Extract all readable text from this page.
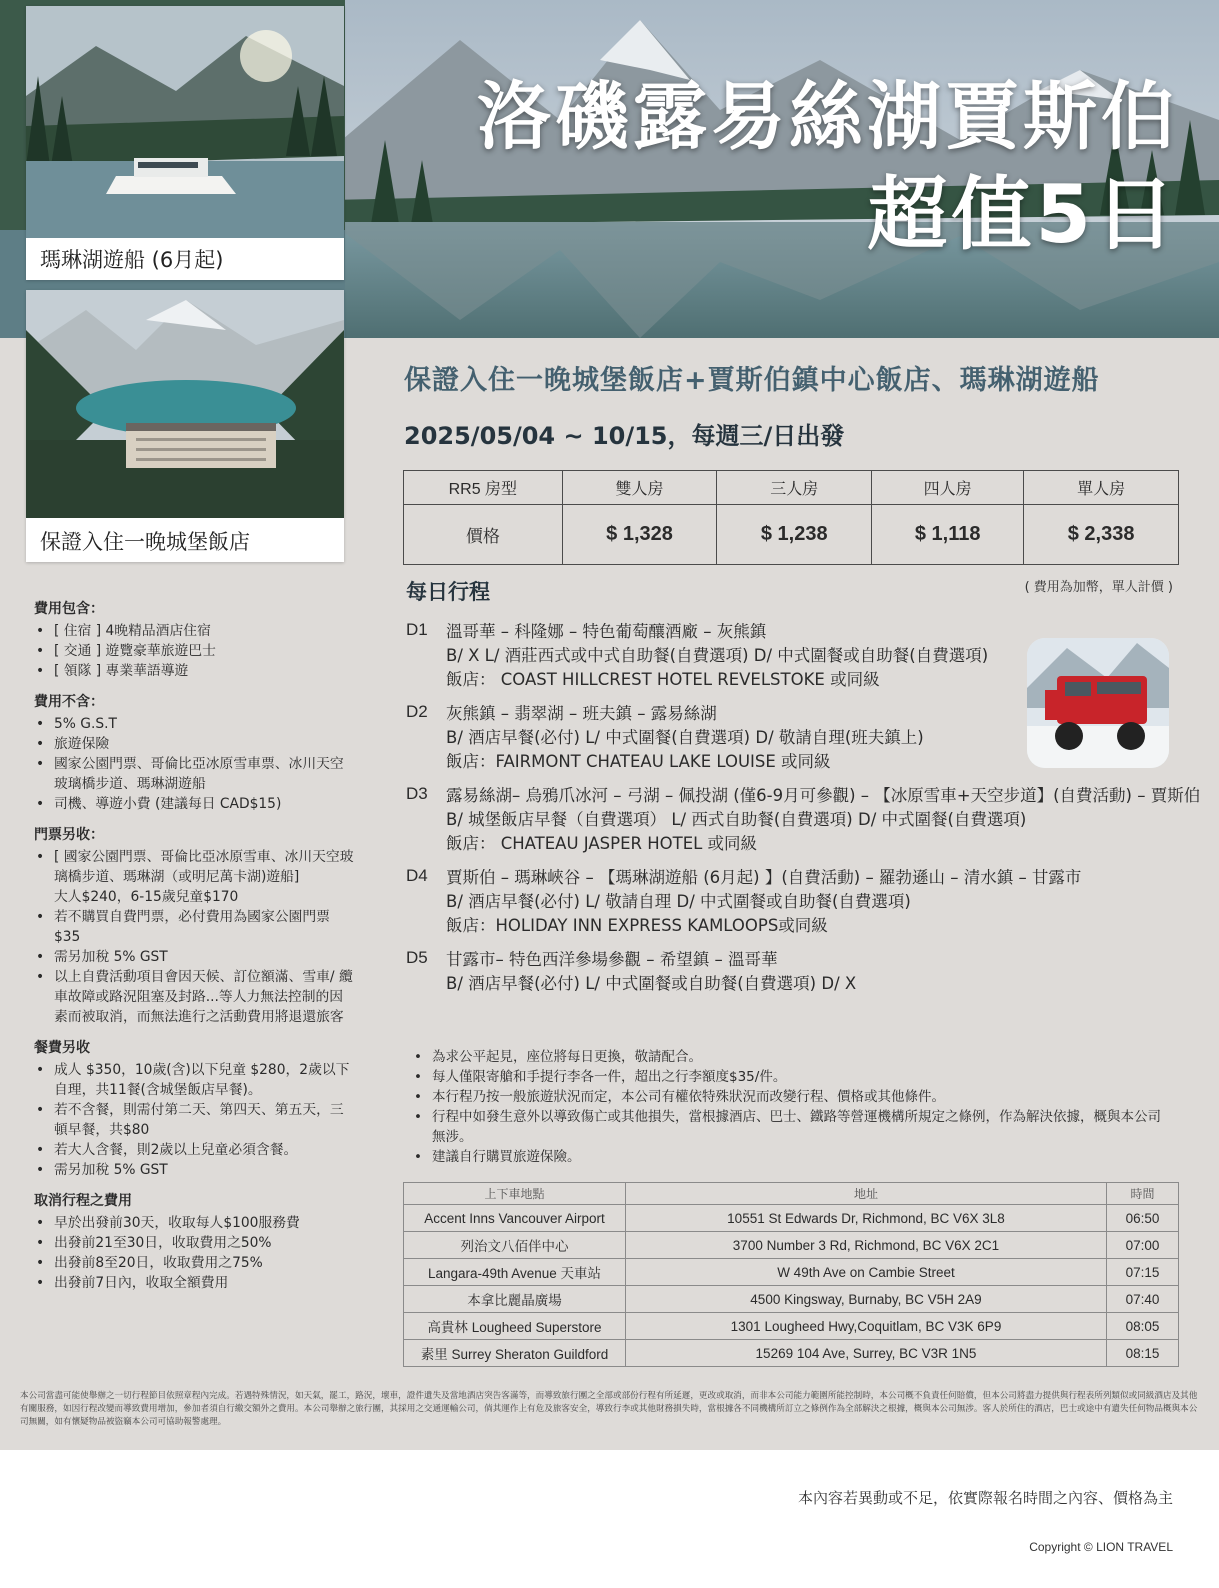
洛磯露易絲湖賈斯伯
超值5日
瑪琳湖遊船 (6月起)
保證入住一晚城堡飯店
保證入住一晚城堡飯店+賈斯伯鎮中心飯店、瑪琳湖遊船
2025/05/04 ~ 10/15，每週三/日出發
RR5 房型	雙人房	三人房	四人房	單人房
價格	$ 1,328	$ 1,238	$ 1,118	$ 2,338
每日行程	( 費用為加幣，單人計價 )
D1	溫哥華 – 科隆娜 – 特色葡萄釀酒廠 – 灰熊鎮
B/ X L/ 酒莊西式或中式自助餐(自費選項) D/ 中式圍餐或自助餐(自費選項)
飯店： COAST HILLCREST HOTEL REVELSTOKE 或同級
D2	灰熊鎮 – 翡翠湖 – 班夫鎮 – 露易絲湖
B/ 酒店早餐(必付) L/ 中式圍餐(自費選項) D/ 敬請自理(班夫鎮上)
飯店：FAIRMONT CHATEAU LAKE LOUISE 或同級
D3	露易絲湖– 烏鴉爪冰河 – 弓湖 – 佩投湖 (僅6-9月可參觀) – 【冰原雪車+天空步道】(自費活動) – 賈斯伯
B/ 城堡飯店早餐（自費選項） L/ 西式自助餐(自費選項) D/ 中式圍餐(自費選項)
飯店： CHATEAU JASPER HOTEL 或同級
D4	賈斯伯 – 瑪琳峽谷 – 【瑪琳湖遊船 (6月起) 】(自費活動) – 羅勃遜山 – 清水鎮 – 甘露市
B/ 酒店早餐(必付) L/ 敬請自理 D/ 中式圍餐或自助餐(自費選項)
飯店：HOLIDAY INN EXPRESS KAMLOOPS或同級
D5	甘露市– 特色西洋參場參觀 – 希望鎮 – 溫哥華
B/ 酒店早餐(必付) L/ 中式圍餐或自助餐(自費選項) D/ X
• 為求公平起見，座位將每日更換，敬請配合。
• 每人僅限寄艙和手提行李各一件，超出之行李額度$35/件。
• 本行程乃按一般旅遊狀況而定，本公司有權依特殊狀況而改變行程、價格或其他條件。
• 行程中如發生意外以導致傷亡或其他損失，當根據酒店、巴士、鐵路等營運機構所規定之條例，作為解決依據，概與本公司無涉。
• 建議自行購買旅遊保險。
上下車地點	地址	時間
Accent Inns Vancouver Airport	10551 St Edwards Dr, Richmond, BC V6X 3L8	06:50
列治文八佰伴中心	3700 Number 3 Rd, Richmond, BC V6X 2C1	07:00
Langara-49th Avenue 天車站	W 49th Ave on Cambie Street	07:15
本拿比麗晶廣場	4500 Kingsway, Burnaby, BC V5H 2A9	07:40
高貴林 Lougheed Superstore	1301 Lougheed Hwy,Coquitlam, BC V3K 6P9	08:05
素里 Surrey Sheraton Guildford	15269 104 Ave, Surrey, BC V3R 1N5	08:15
費用包含：
• [ 住宿 ] 4晚精品酒店住宿
• [ 交通 ] 遊覽豪華旅遊巴士
• [ 領隊 ] 專業華語導遊
費用不含：
• 5% G.S.T
• 旅遊保險
• 國家公園門票、哥倫比亞冰原雪車票、冰川天空玻璃橋步道、瑪琳湖遊船
• 司機、導遊小費 (建議每日 CAD$15)
門票另收：
• [ 國家公園門票、哥倫比亞冰原雪車、冰川天空玻璃橋步道、瑪琳湖（或明尼萬卡湖)遊船]
大人$240，6-15歲兒童$170
• 若不購買自費門票，必付費用為國家公園門票 $35
• 需另加稅 5% GST
• 以上自費活動項目會因天候、訂位額滿、雪車/ 纜車故障或路況阻塞及封路...等人力無法控制的因素而被取消，而無法進行之活動費用將退還旅客
餐費另收
• 成人 $350，10歲(含)以下兒童 $280，2歲以下自理，共11餐(含城堡飯店早餐)。
• 若不含餐，則需付第二天、第四天、第五天，三頓早餐，共$80
• 若大人含餐，則2歲以上兒童必須含餐。
• 需另加稅 5% GST
取消行程之費用
• 早於出發前30天，收取每人$100服務費
• 出發前21至30日，收取費用之50%
• 出發前8至20日，收取費用之75%
• 出發前7日內，收取全額費用
本公司當盡可能使舉辦之一切行程節目依照章程內完成。若遇特殊情況，如天氣，罷工，路況，壞車，證件遺失及當地酒店突告客滿等，而導致旅行團之全部或部份行程有所延遲，更改或取消，而非本公司能力範圍所能控制時，本公司概不負責任何賠償，但本公司將盡力提供與行程表所列類似或同級酒店及其他有關服務，如因行程改變而導致費用增加，參加者須自行繳交額外之費用。本公司舉辦之旅行團，其採用之交通運輸公司，倘其運作上有危及旅客安全，導致行李或其他財務損失時，當根據各不同機構所訂立之條例作為全部解決之根據，概與本公司無涉。客人於所住的酒店，巴士或途中有遺失任何物品概與本公司無關，如有懷疑物品被盜竊本公司可協助報警處理。
本內容若異動或不足，依實際報名時間之內容、價格為主
Copyright © LION TRAVEL
